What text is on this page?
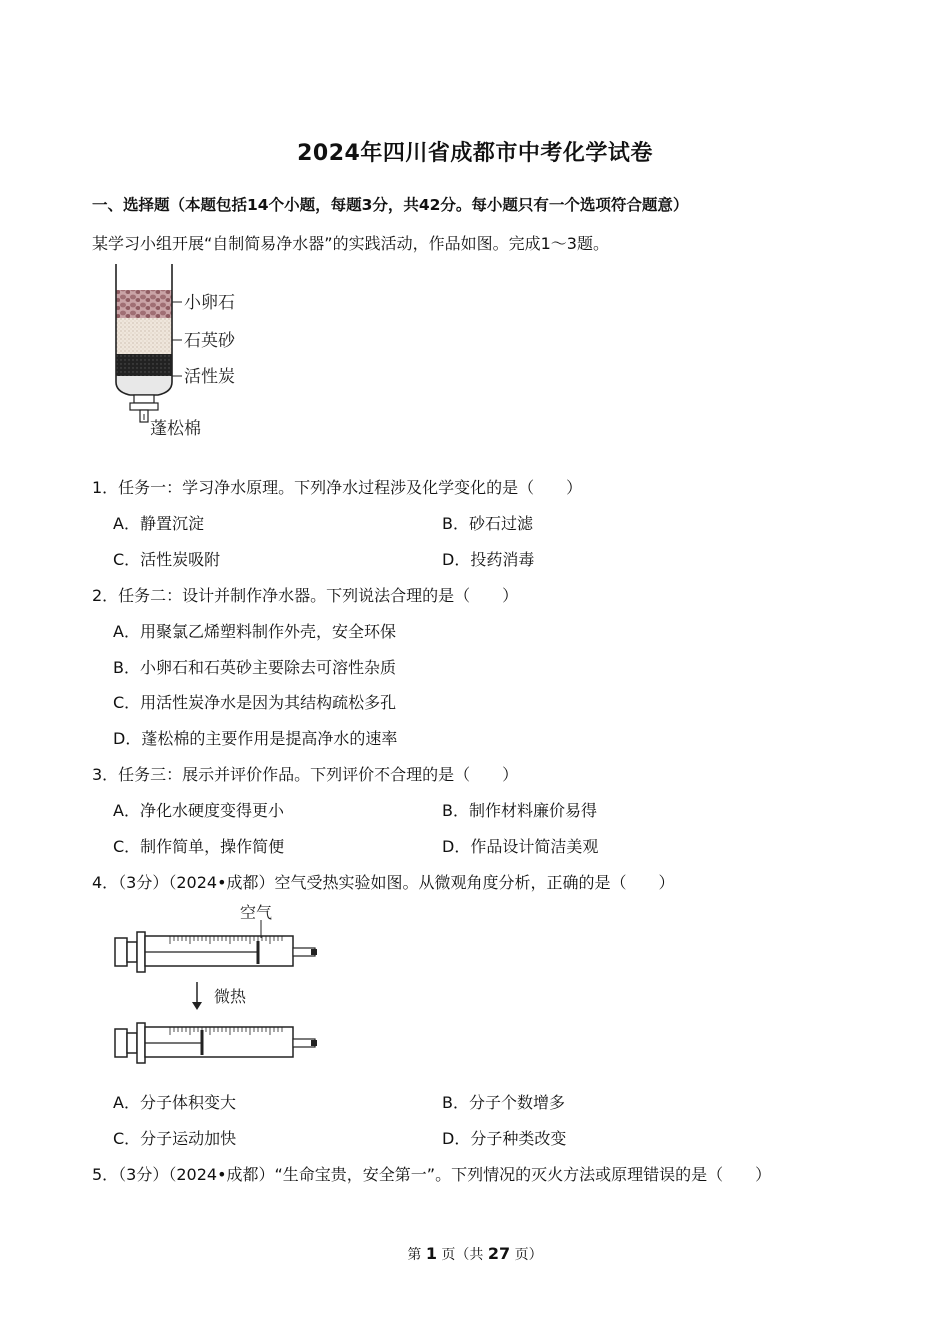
2024年四川省成都市中考化学试卷
一、选择题（本题包括14个小题，每题3分，共42分。每小题只有一个选项符合题意）
某学习小组开展“自制简易净水器”的实践活动，作品如图。完成1～3题。
小卵石
石英砂
活性炭
蓬松棉
1．任务一：学习净水原理。下列净水过程涉及化学变化的是（　　）
A．静置沉淀	B．砂石过滤
C．活性炭吸附	D．投药消毒
2．任务二：设计并制作净水器。下列说法合理的是（　　）
A．用聚氯乙烯塑料制作外壳，安全环保
B．小卵石和石英砂主要除去可溶性杂质
C．用活性炭净水是因为其结构疏松多孔
D．蓬松棉的主要作用是提高净水的速率
3．任务三：展示并评价作品。下列评价不合理的是（　　）
A．净化水硬度变得更小	B．制作材料廉价易得
C．制作简单，操作简便	D．作品设计简洁美观
4．（3分）（2024•成都）空气受热实验如图。从微观角度分析，正确的是（　　）
空气
微热
A．分子体积变大	B．分子个数增多
C．分子运动加快	D．分子种类改变
5．（3分）（2024•成都）“生命宝贵，安全第一”。下列情况的灭火方法或原理错误的是（　　）
第 1 页（共 27 页）
